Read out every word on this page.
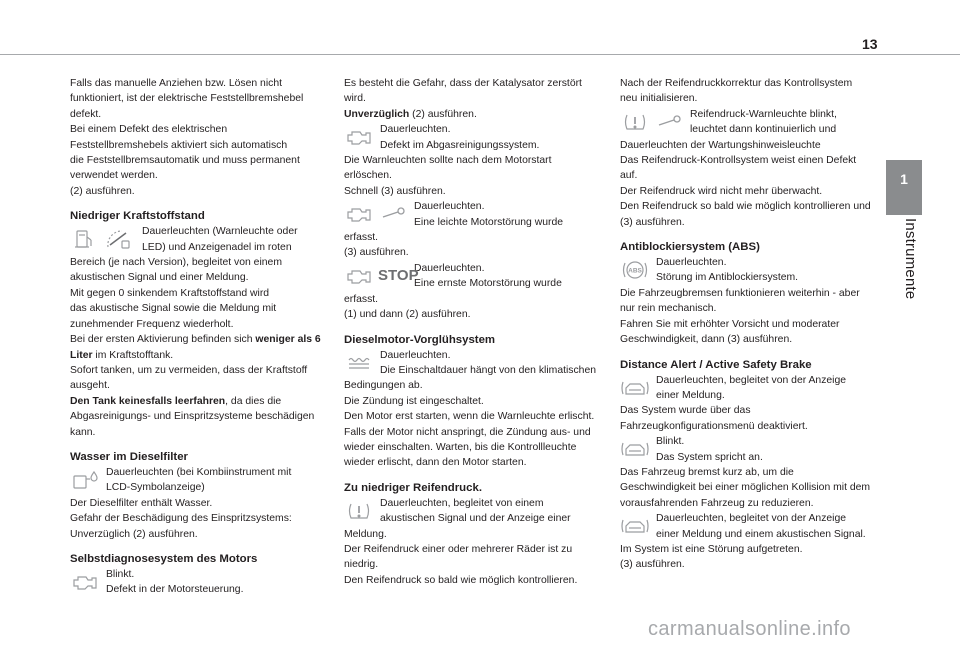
13
1
Instrumente

Falls das manuelle Anziehen bzw. Lösen nicht

funktioniert, ist der elektrische Feststellbremshebel

defekt.

Bei einem Defekt des elektrischen

Feststellbremshebels aktiviert sich automatisch

die Feststellbremsautomatik und muss permanent

verwendet werden.

(2) ausführen.

Niedriger Kraftstoffstand

Dauerleuchten (Warnleuchte oder

LED) und Anzeigenadel im roten

Bereich (je nach Version), begleitet von einem

akustischen Signal und einer Meldung.

Mit gegen 0 sinkendem Kraftstoffstand wird

das akustische Signal sowie die Meldung mit

zunehmender Frequenz wiederholt.

Bei der ersten Aktivierung befinden sich weniger als 6

Liter im Kraftstofftank.

Sofort tanken, um zu vermeiden, dass der Kraftstoff

ausgeht.

Den Tank keinesfalls leerfahren, da dies die

Abgasreinigungs- und Einspritzsysteme beschädigen

kann.

Wasser im Dieselfilter

Dauerleuchten (bei Kombiinstrument mit

LCD-Symbolanzeige)

Der Dieselfilter enthält Wasser.

Gefahr der Beschädigung des Einspritzsystems:

Unverzüglich (2) ausführen.

Selbstdiagnosesystem des Motors

Blinkt.

Defekt in der Motorsteuerung.

Es besteht die Gefahr, dass der Katalysator zerstört

wird.

Unverzüglich (2) ausführen.

Dauerleuchten.

Defekt im Abgasreinigungssystem.

Die Warnleuchten sollte nach dem Motorstart

erlöschen.

Schnell (3) ausführen.

Dauerleuchten.

Eine leichte Motorstörung wurde

erfasst.

(3) ausführen.

STOP

Dauerleuchten.

Eine ernste Motorstörung wurde

erfasst.

(1) und dann (2) ausführen.

Dieselmotor-Vorglühsystem

Dauerleuchten.

Die Einschaltdauer hängt von den klimatischen

Bedingungen ab.

Die Zündung ist eingeschaltet.

Den Motor erst starten, wenn die Warnleuchte erlischt.

Falls der Motor nicht anspringt, die Zündung aus- und

wieder einschalten. Warten, bis die Kontrollleuchte

wieder erlischt, dann den Motor starten.

Zu niedriger Reifendruck.

Dauerleuchten, begleitet von einem

akustischen Signal und der Anzeige einer

Meldung.

Der Reifendruck einer oder mehrerer Räder ist zu

niedrig.

Den Reifendruck so bald wie möglich kontrollieren.

Nach der Reifendruckkorrektur das Kontrollsystem

neu initialisieren.

Reifendruck-Warnleuchte blinkt,

leuchtet dann kontinuierlich und

Dauerleuchten der Wartungshinweisleuchte

Das Reifendruck-Kontrollsystem weist einen Defekt

auf.

Der Reifendruck wird nicht mehr überwacht.

Den Reifendruck so bald wie möglich kontrollieren und

(3) ausführen.

Antiblockiersystem (ABS)
ABS

Dauerleuchten.

Störung im Antiblockiersystem.

Die Fahrzeugbremsen funktionieren weiterhin - aber

nur rein mechanisch.

Fahren Sie mit erhöhter Vorsicht und moderater

Geschwindigkeit, dann (3) ausführen.

Distance Alert / Active Safety Brake

Dauerleuchten, begleitet von der Anzeige

einer Meldung.

Das System wurde über das

Fahrzeugkonfigurationsmenü deaktiviert.

Blinkt.

Das System spricht an.

Das Fahrzeug bremst kurz ab, um die

Geschwindigkeit bei einer möglichen Kollision mit dem

vorausfahrenden Fahrzeug zu reduzieren.

Dauerleuchten, begleitet von der Anzeige

einer Meldung und einem akustischen Signal.

Im System ist eine Störung aufgetreten.

(3) ausführen.

carmanualsonline.info
